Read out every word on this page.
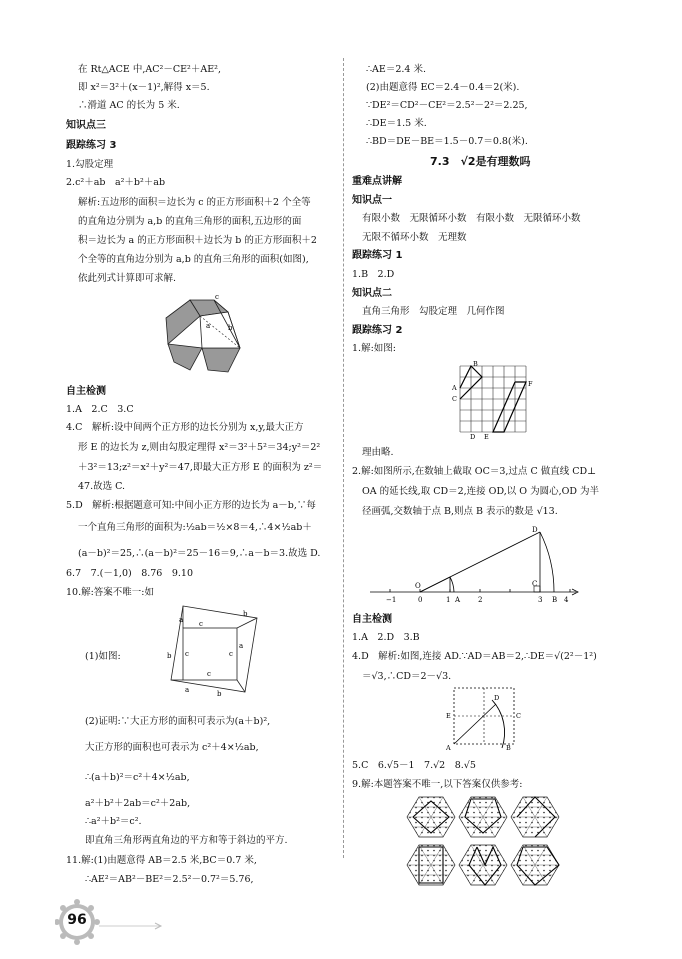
在 Rt△ACE 中,AC²－CE²＋AE²,
即 x²＝3²＋(x－1)²,解得 x＝5.
∴滑道 AC 的长为 5 米.
知识点三
跟踪练习 3
1.勾股定理
2.c²＋ab　a²＋b²＋ab
解析:五边形的面积＝边长为 c 的正方形面积＋2 个全等
的直角边分别为 a,b 的直角三角形的面积,五边形的面
积＝边长为 a 的正方形面积＋边长为 b 的正方形面积＋2
个全等的直角边分别为 a,b 的直角三角形的面积(如图),
依此列式计算即可求解.
c
a	b
自主检测
1.A　2.C　3.C
4.C　解析:设中间两个正方形的边长分别为 x,y,最大正方
形 E 的边长为 z,则由勾股定理得 x²＝3²＋5²＝34;y²＝2²
＋3²＝13;z²＝x²＋y²＝47,即最大正方形 E 的面积为 z²＝
47.故选 C.
5.D　解析:根据题意可知:中间小正方形的边长为 a－b,∵每
一个直角三角形的面积为:½ab＝½×8＝4,∴4×½ab＋
(a－b)²＝25,∴(a－b)²＝25－16＝9,∴a－b＝3.故选 D.
6.7　7.(－1,0)　8.76　9.10
10.解:答案不唯一:如
a c
b
a
c	c
c
b
a	b
(1)如图:
(2)证明:∵大正方形的面积可表示为(a＋b)²,
大正方形的面积也可表示为 c²＋4×½ab,
∴(a＋b)²＝c²＋4×½ab,
a²＋b²＋2ab＝c²＋2ab,
∴a²＋b²＝c².
即直角三角形两直角边的平方和等于斜边的平方.
11.解:(1)由题意得 AB＝2.5 米,BC＝0.7 米,
∴AE²＝AB²－BE²＝2.5²－0.7²＝5.76,
96
∴AE＝2.4 米.
(2)由题意得 EC＝2.4－0.4＝2(米).
∵DE²＝CD²－CE²＝2.5²－2²＝2.25,
∴DE＝1.5 米.
∴BD＝DE－BE＝1.5－0.7＝0.8(米).
7.3　√2是有理数吗
重难点讲解
知识点一
有限小数　无限循环小数　有限小数　无限循环小数
无限不循环小数　无理数
跟踪练习 1
1.B　2.D
知识点二
直角三角形　勾股定理　几何作图
跟踪练习 2
1.解:如图:
B
A
C
F
D E
理由略.
2.解:如图所示,在数轴上截取 OC＝3,过点 C 做直线 CD⊥
OA 的延长线,取 CD＝2,连接 OD,以 O 为圆心,OD 为半
径画弧,交数轴于点 B,则点 B 表示的数是 √13.
−1	0	1 A	2	3 B 4
O
D
C
自主检测
1.A　2.D　3.B
4.D　解析:如图,连接 AD.∵AD＝AB＝2,∴DE＝√(2²－1²)
＝√3,∴CD＝2－√3.
D
E	C
A	B
5.C　6.√5－1　7.√2　8.√5
9.解:本题答案不唯一,以下答案仅供参考:
